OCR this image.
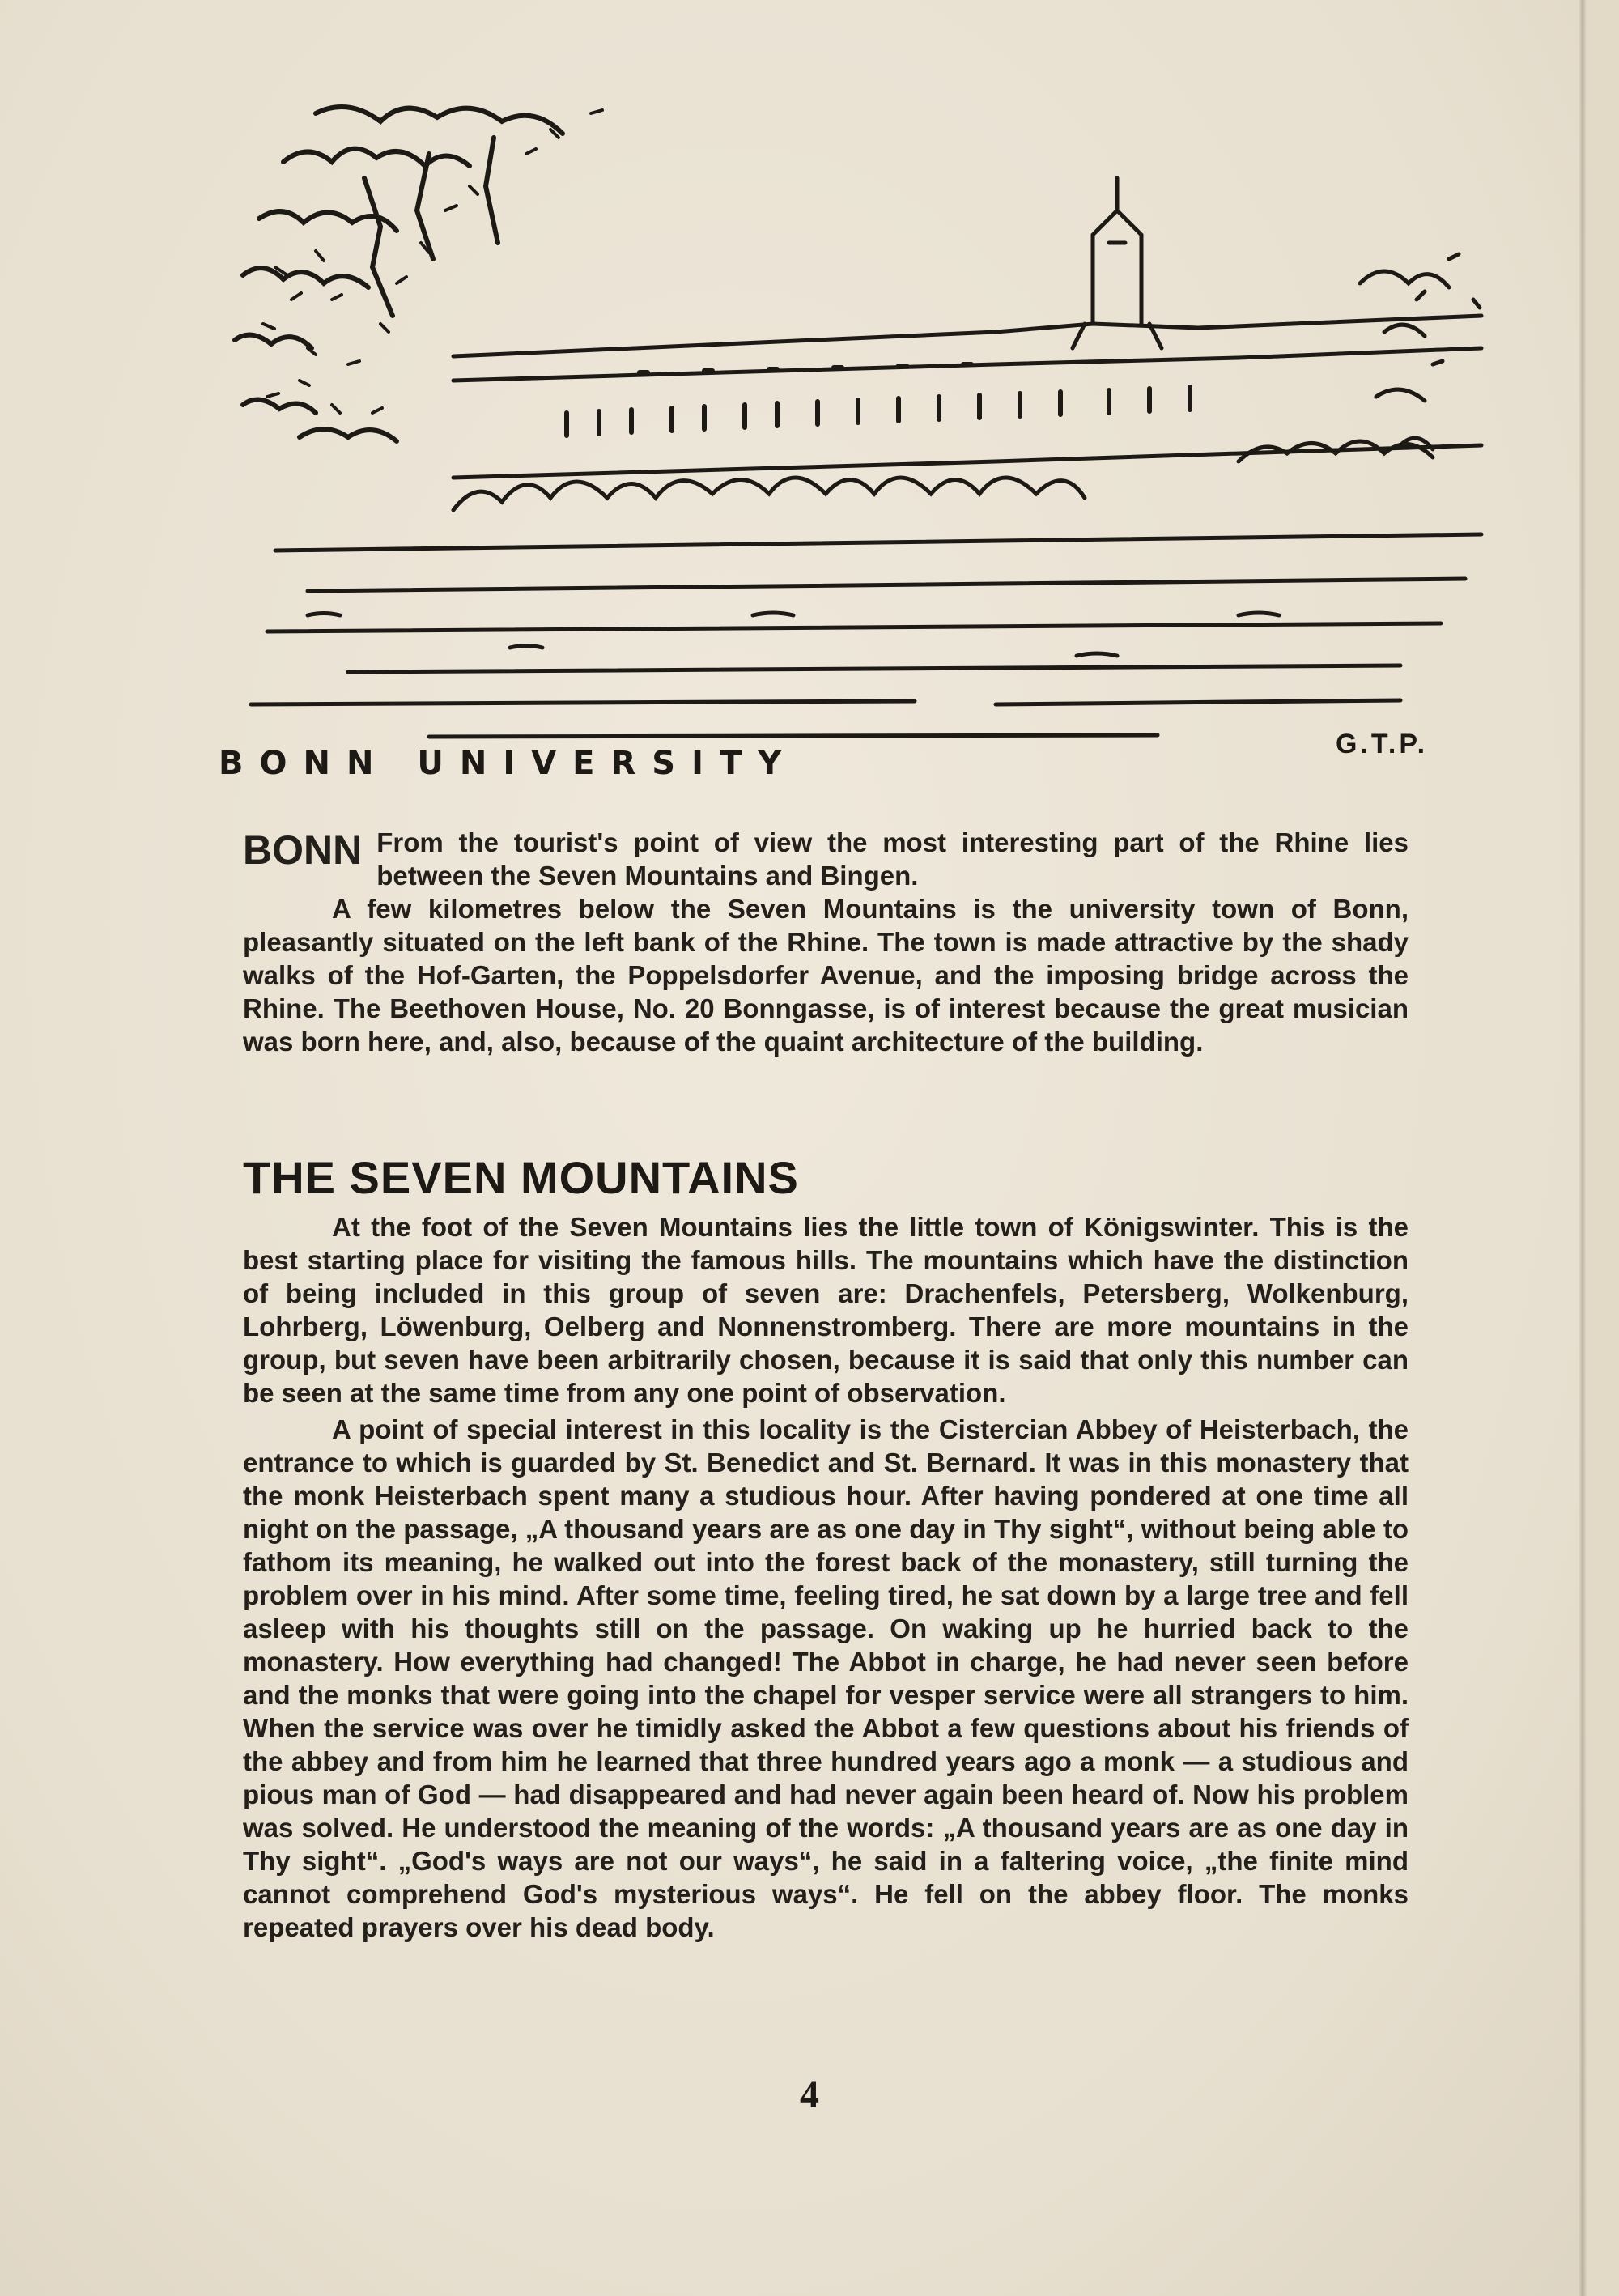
BONN UNIVERSITY
G.T.P.
BONN From the tourist's point of view the most interesting part of the Rhine lies between the Seven Mountains and Bingen.

A few kilometres below the Seven Mountains is the university town of Bonn, pleasantly situated on the left bank of the Rhine. The town is made attractive by the shady walks of the Hof-Garten, the Poppelsdorfer Avenue, and the imposing bridge across the Rhine. The Beethoven House, No. 20 Bonngasse, is of interest because the great musician was born here, and, also, because of the quaint architecture of the building.

THE SEVEN MOUNTAINS

At the foot of the Seven Mountains lies the little town of Königswinter. This is the best starting place for visiting the famous hills. The mountains which have the distinction of being included in this group of seven are: Drachenfels, Petersberg, Wolkenburg, Lohrberg, Löwenburg, Oelberg and Nonnenstromberg. There are more mountains in the group, but seven have been arbitrarily chosen, because it is said that only this number can be seen at the same time from any one point of observation.

A point of special interest in this locality is the Cistercian Abbey of Heisterbach, the entrance to which is guarded by St. Benedict and St. Bernard. It was in this monastery that the monk Heisterbach spent many a studious hour. After having pondered at one time all night on the passage, „A thousand years are as one day in Thy sight“, without being able to fathom its meaning, he walked out into the forest back of the monastery, still turning the problem over in his mind. After some time, feeling tired, he sat down by a large tree and fell asleep with his thoughts still on the passage. On waking up he hurried back to the monastery. How everything had changed! The Abbot in charge, he had never seen before and the monks that were going into the chapel for vesper service were all strangers to him. When the service was over he timidly asked the Abbot a few questions about his friends of the abbey and from him he learned that three hundred years ago a monk — a studious and pious man of God — had disappeared and had never again been heard of. Now his problem was solved. He understood the meaning of the words: „A thousand years are as one day in Thy sight“. „God's ways are not our ways“, he said in a faltering voice, „the finite mind cannot comprehend God's mysterious ways“. He fell on the abbey floor. The monks repeated prayers over his dead body.

4
